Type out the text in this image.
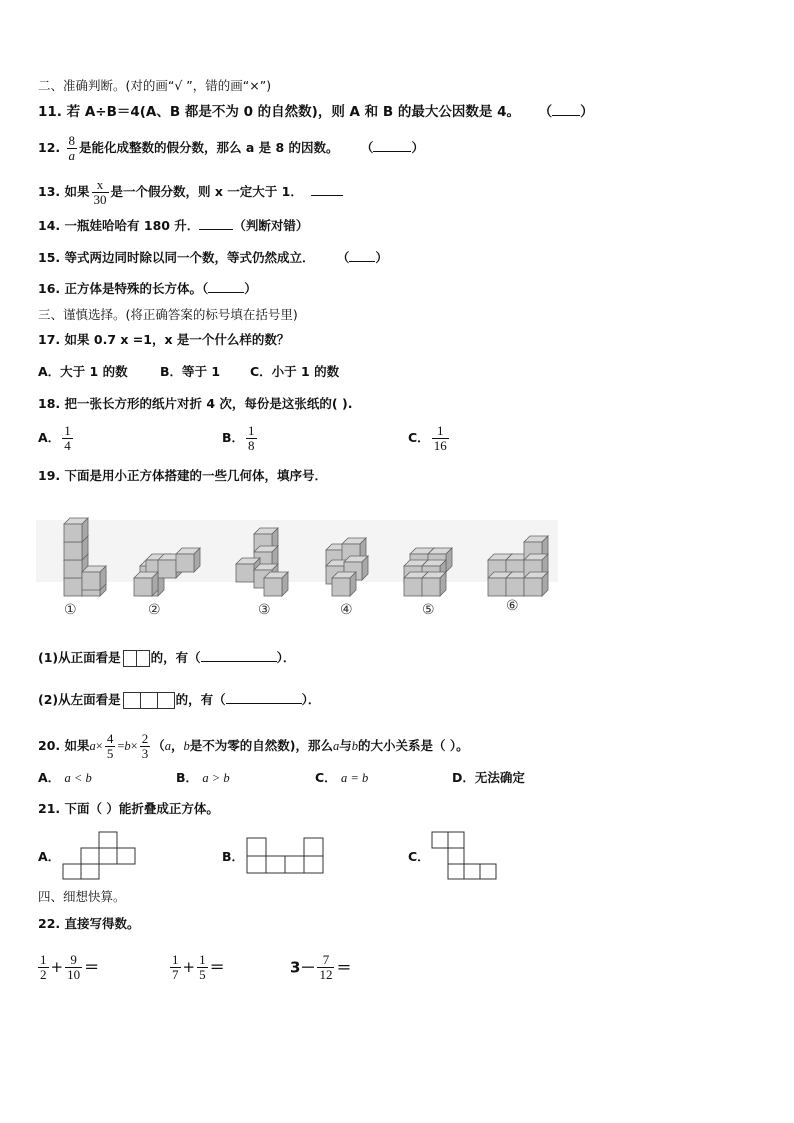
二、准确判断。(对的画“√ ”，错的画“×”)
11. 若 A÷B＝4(A、B 都是不为 0 的自然数)，则 A 和 B 的最大公因数是 4。 （ ）
12. $\frac{8}{a}$ 是能化成整数的假分数，那么 a 是 8 的因数。 （	）
13. 如果 $\frac{x}{30}$ 是一个假分数，则 x 一定大于 1．
14. 一瓶娃哈哈有 180 升．	（判断对错）
15. 等式两边同时除以同一个数，等式仍然成立． （ ）
16. 正方体是特殊的长方体。（	）
三、谨慎选择。(将正确答案的标号填在括号里)
17. 如果 0.7 x =1，x 是一个什么样的数？
A．大于 1 的数	B．等于 1 C．小于 1 的数
18. 把一张长方形的纸片对折 4 次，每份是这张纸的( ).
A． $\frac{1}{4}$	B． $\frac{1}{8}$	C． $\frac{1}{16}$
19. 下面是用小正方体搭建的一些几何体，填序号．
①	②	③	④	⑤	⑥
(1)从正面看是 的，有（	）．
(2)从左面看是	的，有（	）．
20. 如果$a\times \frac{4}{5} =b\times \frac{2}{3} (a$，b是不为零的自然数)，那么a与b的大小关系是（ ）。
A． a < b	B． a > b	C． a = b	D．无法确定
21. 下面（ ）能折叠成正方体。
A．	B．	C．
四、细想快算。
22. 直接写得数。
$\frac{1}{2} + \frac{9}{10}$ ＝	$\frac{1}{7} + \frac{1}{5}$ ＝	$3- \frac{7}{12}$ ＝
